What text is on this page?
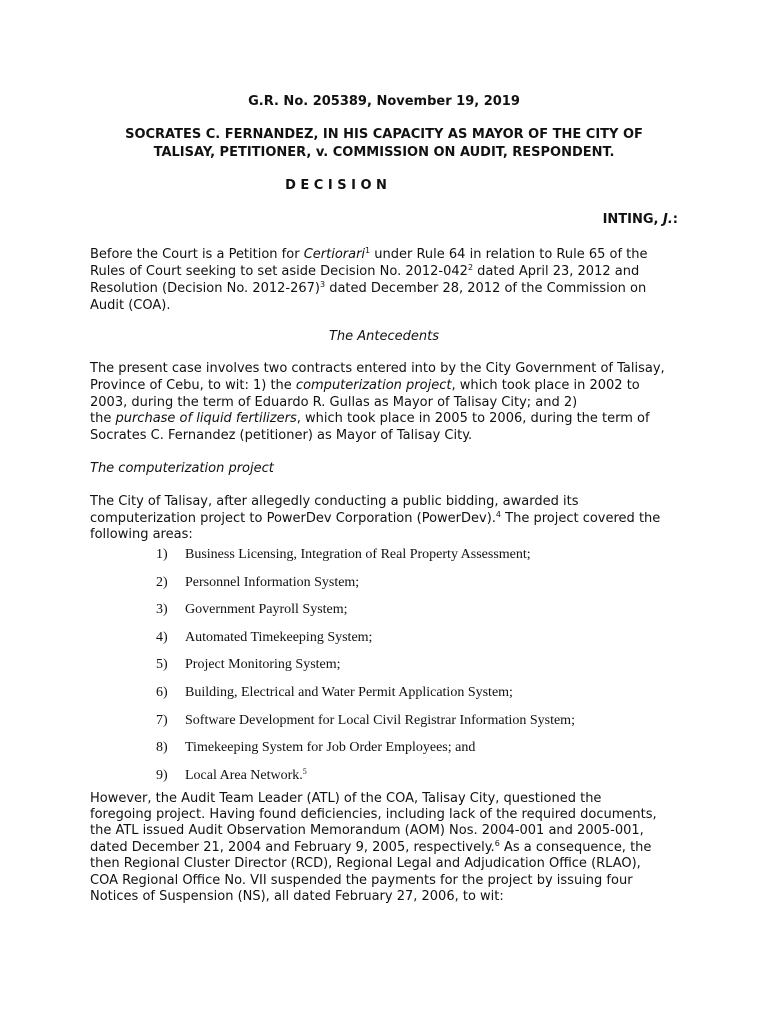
G.R. No. 205389, November 19, 2019
SOCRATES C. FERNANDEZ, IN HIS CAPACITY AS MAYOR OF THE CITY OF
TALISAY, PETITIONER, v. COMMISSION ON AUDIT, RESPONDENT.
D E C I S I O N
INTING, J.:
Before the Court is a Petition for Certiorari$^1$ under Rule 64 in relation to Rule 65 of the
Rules of Court seeking to set aside Decision No. $2012-042^2$ dated April 23, 2012 and
Resolution (Decision No. 2012-267)$^3$ dated December 28, 2012 of the Commission on
Audit (COA).
The Antecedents
The present case involves two contracts entered into by the City Government of Talisay,
Province of Cebu, to wit: 1) the computerization project, which took place in 2002 to
2003, during the term of Eduardo R. Gullas as Mayor of Talisay City; and 2)
the purchase of liquid fertilizers, which took place in 2005 to 2006, during the term of
Socrates C. Fernandez (petitioner) as Mayor of Talisay City.
The computerization project
The City of Talisay, after allegedly conducting a public bidding, awarded its
computerization project to PowerDev Corporation (PowerDev).$^4$ The project covered the
following areas:
1)	Business Licensing, Integration of Real Property Assessment;
2)	Personnel Information System;
3)	Government Payroll System;
4)	Automated Timekeeping System;
5)	Project Monitoring System;
6)	Building, Electrical and Water Permit Application System;
7)	Software Development for Local Civil Registrar Information System;
8)	Timekeeping System for Job Order Employees; and
9)	Local Area Network.$^5$
However, the Audit Team Leader (ATL) of the COA, Talisay City, questioned the
foregoing project. Having found deficiencies, including lack of the required documents,
the ATL issued Audit Observation Memorandum (AOM) Nos. 2004-001 and 2005-001,
dated December 21, 2004 and February 9, 2005, respectively.$^6$ As a consequence, the
then Regional Cluster Director (RCD), Regional Legal and Adjudication Office (RLAO),
COA Regional Office No. VII suspended the payments for the project by issuing four
Notices of Suspension (NS), all dated February 27, 2006, to wit:
